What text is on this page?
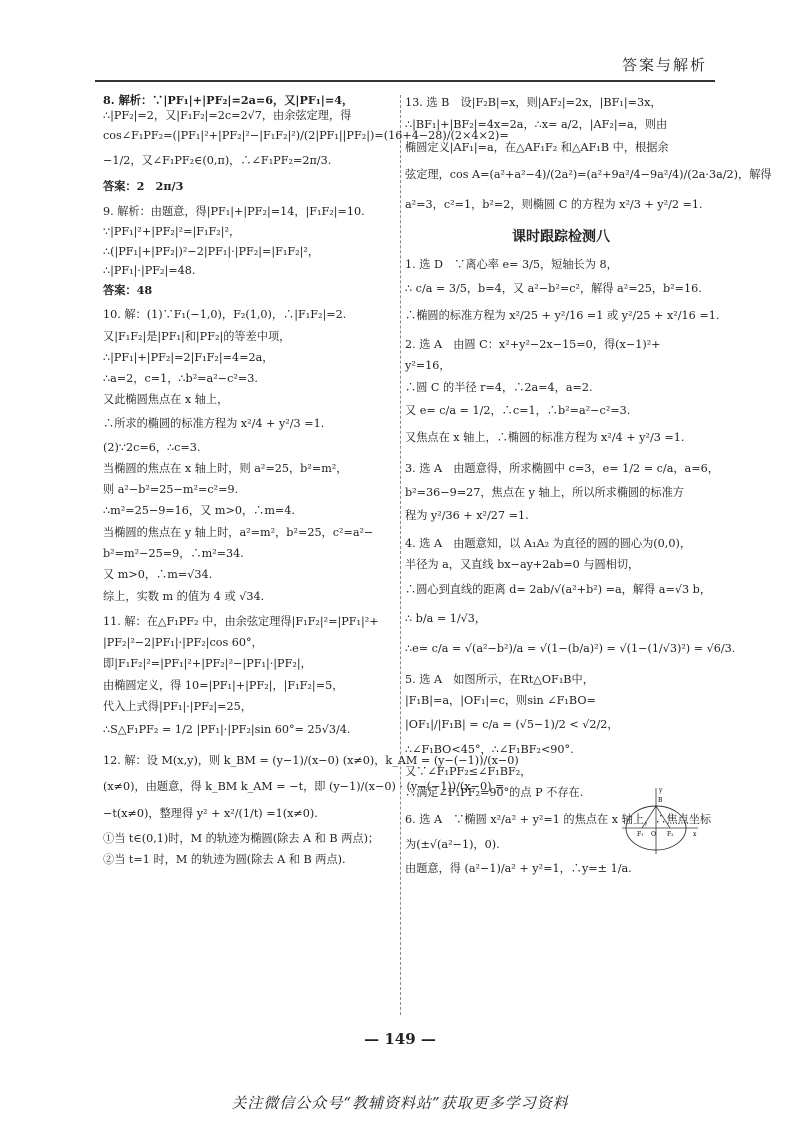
答案与解析
8. 解析：∵|PF₁|+|PF₂|=2a=6，又|PF₁|=4，
∴|PF₂|=2，又|F₁F₂|=2c=2√7，由余弦定理，得
cos∠F₁PF₂=(|PF₁|²+|PF₂|²−|F₁F₂|²)/(2|PF₁||PF₂|)=(16+4−28)/(2×4×2)=
−1/2，又∠F₁PF₂∈(0,π)，∴∠F₁PF₂=2π/3.
答案：2　2π/3
9. 解析：由题意，得|PF₁|+|PF₂|=14，|F₁F₂|=10.
∵|PF₁|²+|PF₂|²=|F₁F₂|²，
∴(|PF₁|+|PF₂|)²−2|PF₁|·|PF₂|=|F₁F₂|²，
∴|PF₁|·|PF₂|=48.
答案：48
10. 解：(1)∵F₁(−1,0)，F₂(1,0)，∴|F₁F₂|=2.
又|F₁F₂|是|PF₁|和|PF₂|的等差中项，
∴|PF₁|+|PF₂|=2|F₁F₂|=4=2a，
∴a=2，c=1，∴b²=a²−c²=3.
又此椭圆焦点在 x 轴上，
∴所求的椭圆的标准方程为 x²/4 + y²/3 =1.
(2)∵2c=6，∴c=3.
当椭圆的焦点在 x 轴上时，则 a²=25，b²=m²，
则 a²−b²=25−m²=c²=9.
∴m²=25−9=16，又 m>0，∴m=4.
当椭圆的焦点在 y 轴上时，a²=m²，b²=25，c²=a²−
b²=m²−25=9，∴m²=34.
又 m>0，∴m=√34.
综上，实数 m 的值为 4 或 √34.
11. 解：在△F₁PF₂ 中，由余弦定理得|F₁F₂|²=|PF₁|²+
|PF₂|²−2|PF₁|·|PF₂|cos 60°，
即|F₁F₂|²=|PF₁|²+|PF₂|²−|PF₁|·|PF₂|，
由椭圆定义，得 10=|PF₁|+|PF₂|，|F₁F₂|=5，
代入上式得|PF₁|·|PF₂|=25，
∴S△F₁PF₂ = 1/2 |PF₁|·|PF₂|sin 60°= 25√3/4.
12. 解：设 M(x,y)，则 k_BM = (y−1)/(x−0) (x≠0)，k_AM = (y−(−1))/(x−0)
(x≠0)，由题意，得 k_BM k_AM = −t，即 (y−1)/(x−0) · (y−(−1))/(x−0) =
−t(x≠0)，整理得 y² + x²/(1/t) =1(x≠0).
①当 t∈(0,1)时，M 的轨迹为椭圆(除去 A 和 B 两点)；
②当 t=1 时，M 的轨迹为圆(除去 A 和 B 两点).
13. 选 B　设|F₂B|=x，则|AF₂|=2x，|BF₁|=3x，
∴|BF₁|+|BF₂|=4x=2a，∴x= a/2，|AF₂|=a，则由
椭圆定义|AF₁|=a，在△AF₁F₂ 和△AF₁B 中，根据余
弦定理，cos A=(a²+a²−4)/(2a²)=(a²+9a²/4−9a²/4)/(2a·3a/2)，解得
a²=3，c²=1，b²=2，则椭圆 C 的方程为 x²/3 + y²/2 =1.
课时跟踪检测八
1. 选 D　∵离心率 e= 3/5，短轴长为 8，
∴ c/a = 3/5，b=4，又 a²−b²=c²，解得 a²=25，b²=16.
∴椭圆的标准方程为 x²/25 + y²/16 =1 或 y²/25 + x²/16 =1.
2. 选 A　由圆 C：x²+y²−2x−15=0，得(x−1)²+
y²=16，
∴圆 C 的半径 r=4，∴2a=4，a=2.
又 e= c/a = 1/2，∴c=1，∴b²=a²−c²=3.
又焦点在 x 轴上，∴椭圆的标准方程为 x²/4 + y²/3 =1.
3. 选 A　由题意得，所求椭圆中 c=3，e= 1/2 = c/a，a=6，
b²=36−9=27，焦点在 y 轴上，所以所求椭圆的标准方
程为 y²/36 + x²/27 =1.
4. 选 A　由题意知，以 A₁A₂ 为直径的圆的圆心为(0,0)，
半径为 a，又直线 bx−ay+2ab=0 与圆相切，
∴圆心到直线的距离 d= 2ab/√(a²+b²) =a，解得 a=√3 b，
∴ b/a = 1/√3，
∴e= c/a = √(a²−b²)/a = √(1−(b/a)²) = √(1−(1/√3)²) = √6/3.
5. 选 A　如图所示，在Rt△OF₁B中，
|F₁B|=a，|OF₁|=c，则sin ∠F₁BO=
|OF₁|/|F₁B| = c/a = (√5−1)/2 < √2/2，
∴∠F₁BO<45°，∴∠F₁BF₂<90°.
又∵∠F₁PF₂≤∠F₁BF₂，
∴满足∠F₁PF₂=90°的点 P 不存在.
6. 选 A　∵椭圆 x²/a² + y²=1 的焦点在 x 轴上，∴焦点坐标
为(±√(a²−1)，0).
由题意，得 (a²−1)/a² + y²=1，∴y=± 1/a.
B
F₁ O F₂	x
y
— 149 —
关注微信公众号“教辅资料站”获取更多学习资料
